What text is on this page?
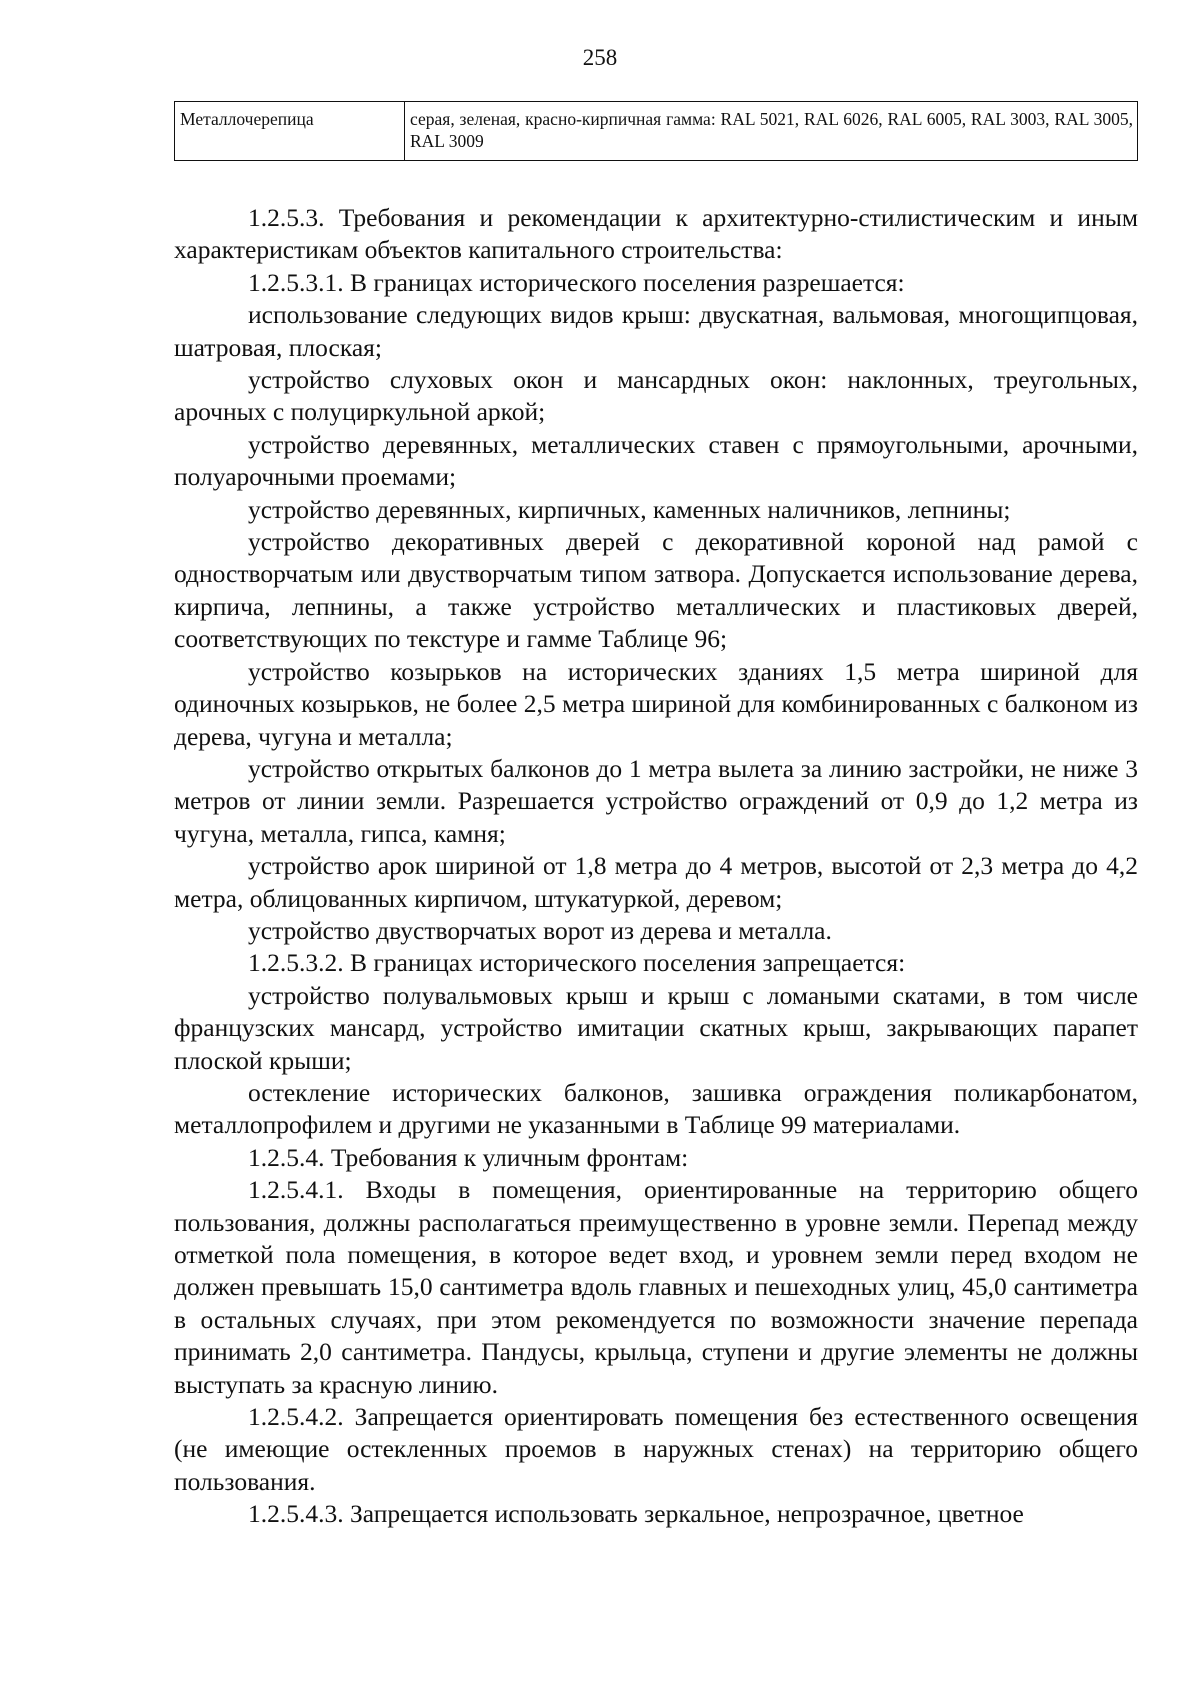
258
Металлочерепица	серая, зеленая, красно-кирпичная гамма: RAL 5021, RAL 6026, RAL 6005, RAL 3003, RAL 3005, RAL 3009

1.2.5.3. Требования и рекомендации к архитектурно-стилистическим и иным характеристикам объектов капитального строительства:

1.2.5.3.1. В границах исторического поселения разрешается:

использование следующих видов крыш: двускатная, вальмовая, многощипцовая, шатровая, плоская;

устройство слуховых окон и мансардных окон: наклонных, треугольных, арочных с полуциркульной аркой;

устройство деревянных, металлических ставен с прямоугольными, арочными, полуарочными проемами;

устройство деревянных, кирпичных, каменных наличников, лепнины;

устройство декоративных дверей с декоративной короной над рамой с одностворчатым или двустворчатым типом затвора. Допускается использование дерева, кирпича, лепнины, а также устройство металлических и пластиковых дверей, соответствующих по текстуре и гамме Таблице 96;

устройство козырьков на исторических зданиях 1,5 метра шириной для одиночных козырьков, не более 2,5 метра шириной для комбинированных с балконом из дерева, чугуна и металла;

устройство открытых балконов до 1 метра вылета за линию застройки, не ниже 3 метров от линии земли. Разрешается устройство ограждений от 0,9 до 1,2 метра из чугуна, металла, гипса, камня;

устройство арок шириной от 1,8 метра до 4 метров, высотой от 2,3 метра до 4,2 метра, облицованных кирпичом, штукатуркой, деревом;

устройство двустворчатых ворот из дерева и металла.

1.2.5.3.2. В границах исторического поселения запрещается:

устройство полувальмовых крыш и крыш с ломаными скатами, в том числе французских мансард, устройство имитации скатных крыш, закрывающих парапет плоской крыши;

остекление исторических балконов, зашивка ограждения поликарбонатом, металлопрофилем и другими не указанными в Таблице 99 материалами.

1.2.5.4. Требования к уличным фронтам:

1.2.5.4.1. Входы в помещения, ориентированные на территорию общего пользования, должны располагаться преимущественно в уровне земли. Перепад между отметкой пола помещения, в которое ведет вход, и уровнем земли перед входом не должен превышать 15,0 сантиметра вдоль главных и пешеходных улиц, 45,0 сантиметра в остальных случаях, при этом рекомендуется по возможности значение перепада принимать 2,0 сантиметра. Пандусы, крыльца, ступени и другие элементы не должны выступать за красную линию.

1.2.5.4.2. Запрещается ориентировать помещения без естественного освещения (не имеющие остекленных проемов в наружных стенах) на территорию общего пользования.

1.2.5.4.3. Запрещается использовать зеркальное, непрозрачное, цветное
